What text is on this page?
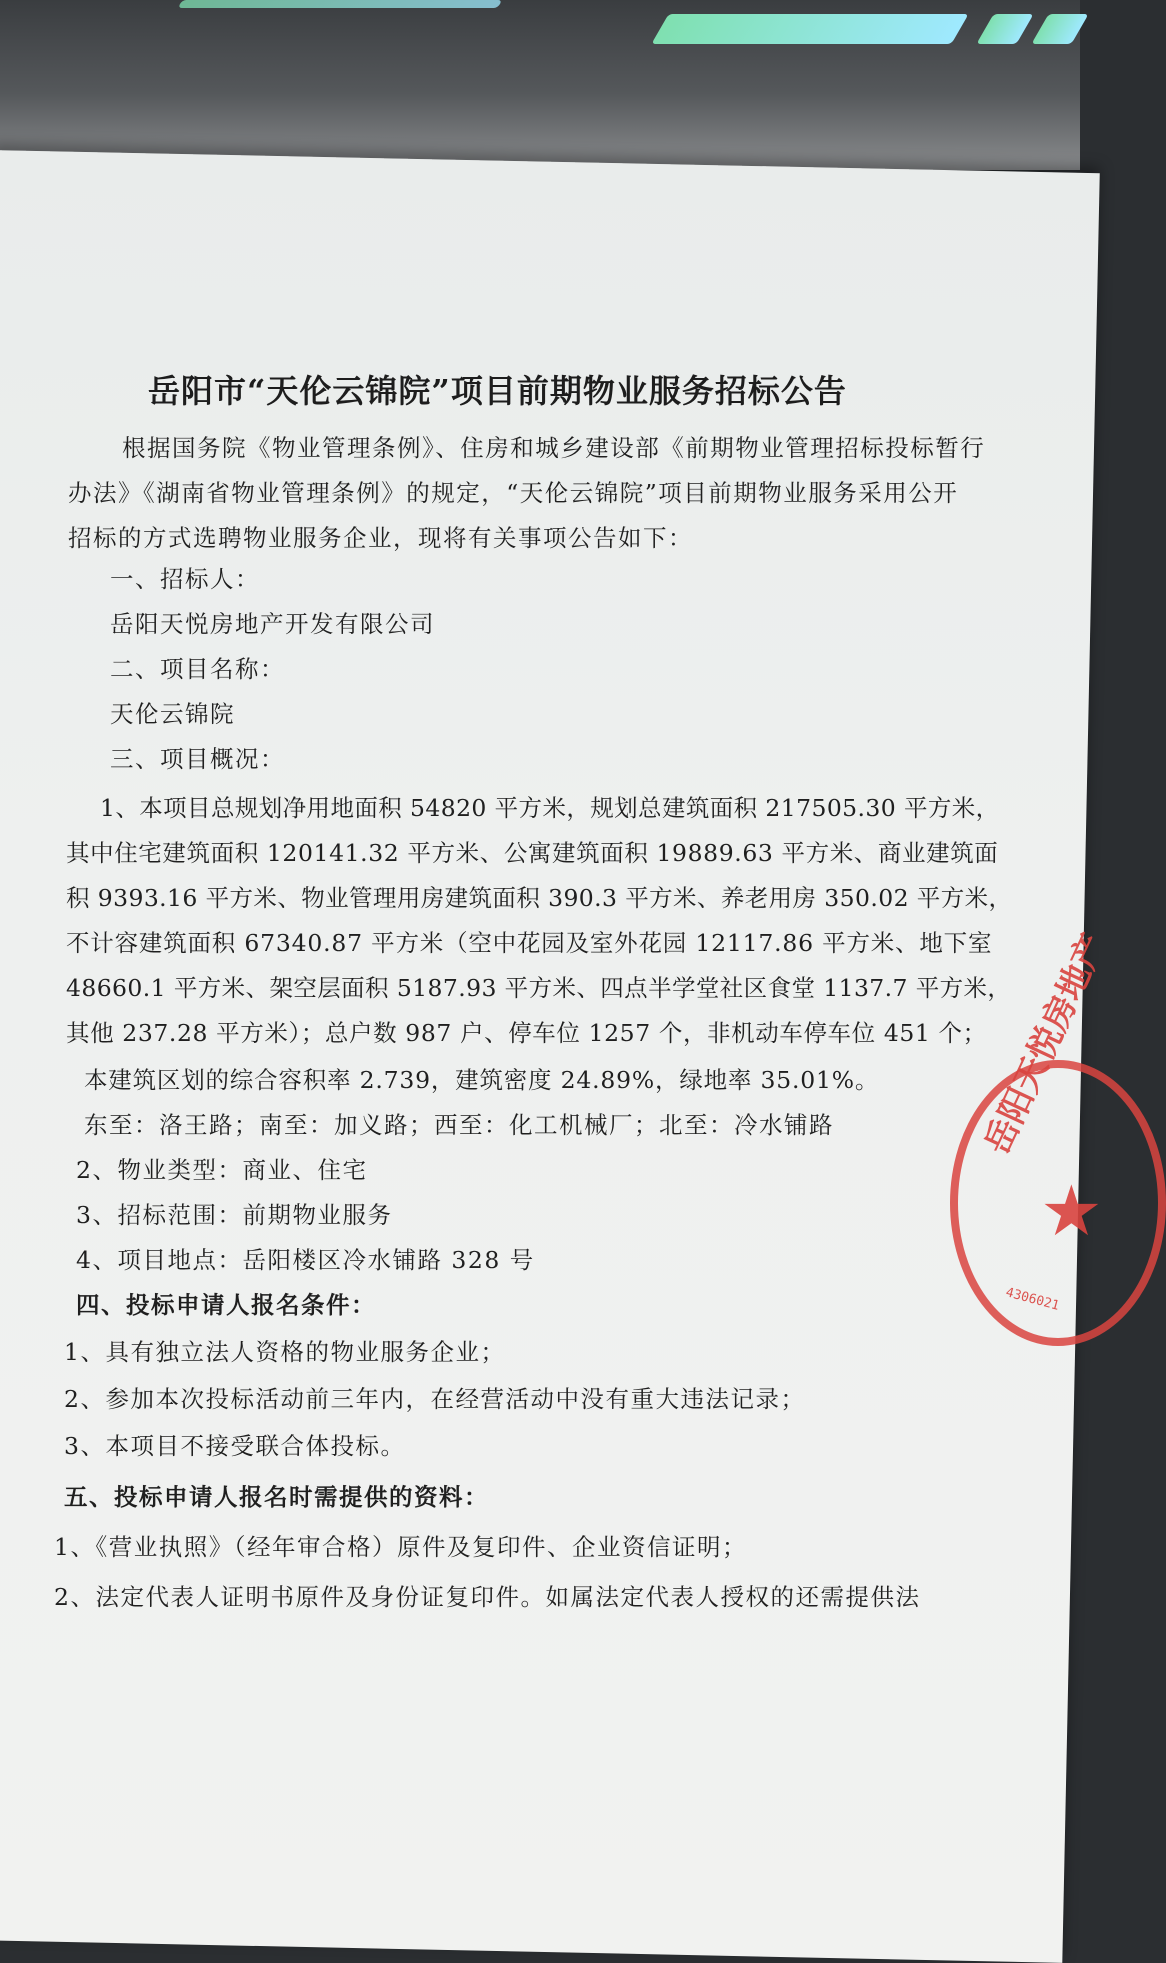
岳阳市“天伦云锦院”项目前期物业服务招标公告
根据国务院《物业管理条例》、住房和城乡建设部《前期物业管理招标投标暂行
办法》《湖南省物业管理条例》的规定，“天伦云锦院”项目前期物业服务采用公开
招标的方式选聘物业服务企业，现将有关事项公告如下：
一、招标人：
岳阳天悦房地产开发有限公司
二、项目名称：
天伦云锦院
三、项目概况：
1、本项目总规划净用地面积 54820 平方米，规划总建筑面积 217505.30 平方米，
其中住宅建筑面积 120141.32 平方米、公寓建筑面积 19889.63 平方米、商业建筑面
积 9393.16 平方米、物业管理用房建筑面积 390.3 平方米、养老用房 350.02 平方米，
不计容建筑面积 67340.87 平方米（空中花园及室外花园 12117.86 平方米、地下室
48660.1 平方米、架空层面积 5187.93 平方米、四点半学堂社区食堂 1137.7 平方米，
其他 237.28 平方米）；总户数 987 户、停车位 1257 个，非机动车停车位 451 个；
本建筑区划的综合容积率 2.739，建筑密度 24.89%，绿地率 35.01%。
东至：洛王路；南至：加义路；西至：化工机械厂；北至：冷水铺路
2、物业类型：商业、住宅
3、招标范围：前期物业服务
4、项目地点：岳阳楼区冷水铺路 328 号
四、投标申请人报名条件：
1、具有独立法人资格的物业服务企业；
2、参加本次投标活动前三年内，在经营活动中没有重大违法记录；
3、本项目不接受联合体投标。
五、投标申请人报名时需提供的资料：
1、《营业执照》（经年审合格）原件及复印件、企业资信证明；
2、法定代表人证明书原件及身份证复印件。如属法定代表人授权的还需提供法
岳阳天悦房地产
★
4306021
